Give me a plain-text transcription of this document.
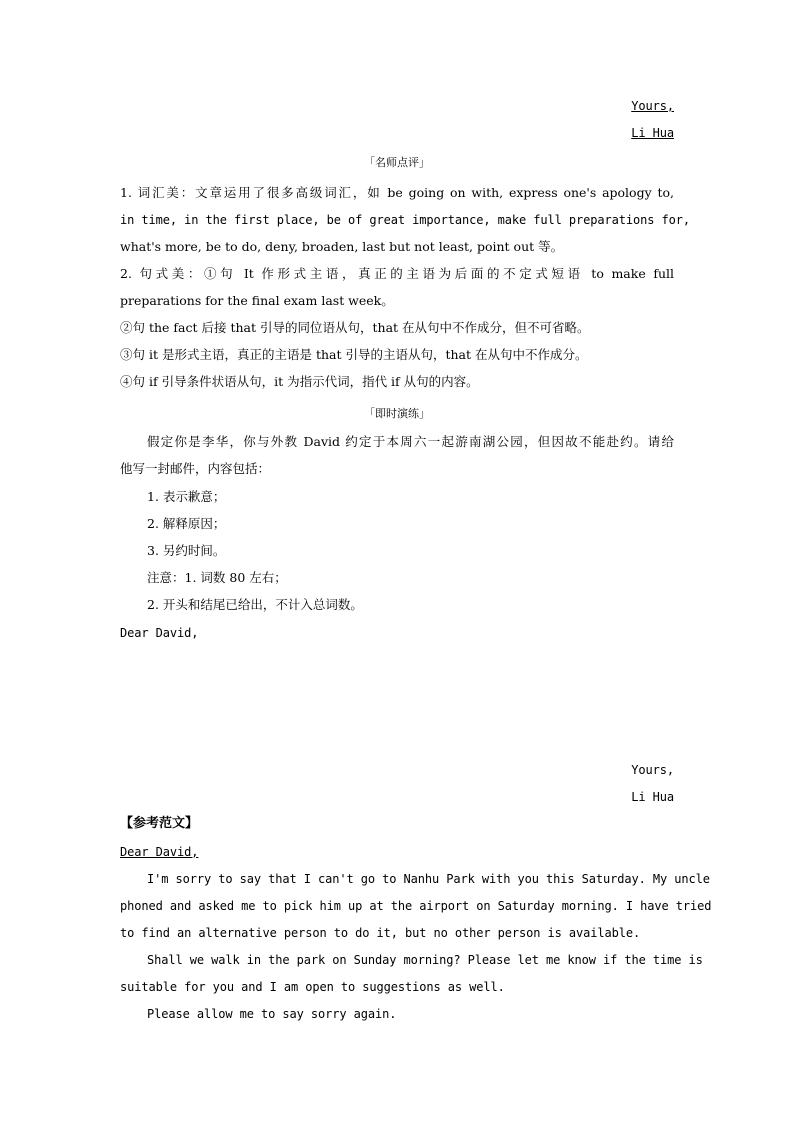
Yours,
Li Hua
「名师点评」
1. 词汇美：文章运用了很多高级词汇，如 be going on with, express one's apology to,
in time, in the first place, be of great importance, make full preparations for,
what's more, be to do, deny, broaden, last but not least, point out 等。
2. 句式美：①句 It 作形式主语，真正的主语为后面的不定式短语 to make full
preparations for the final exam last week。
②句 the fact 后接 that 引导的同位语从句，that 在从句中不作成分，但不可省略。
③句 it 是形式主语，真正的主语是 that 引导的主语从句，that 在从句中不作成分。
④句 if 引导条件状语从句，it 为指示代词，指代 if 从句的内容。
「即时演练」
假定你是李华，你与外教 David 约定于本周六一起游南湖公园，但因故不能赴约。请给
他写一封邮件，内容包括：
1. 表示歉意；
2. 解释原因；
3. 另约时间。
注意：1. 词数 80 左右；
2. 开头和结尾已给出，不计入总词数。
Dear David,
Yours,
Li Hua
【参考范文】
Dear David,
I'm sorry to say that I can't go to Nanhu Park with you this Saturday. My uncle
phoned and asked me to pick him up at the airport on Saturday morning. I have tried
to find an alternative person to do it, but no other person is available.
Shall we walk in the park on Sunday morning? Please let me know if the time is
suitable for you and I am open to suggestions as well.
Please allow me to say sorry again.
